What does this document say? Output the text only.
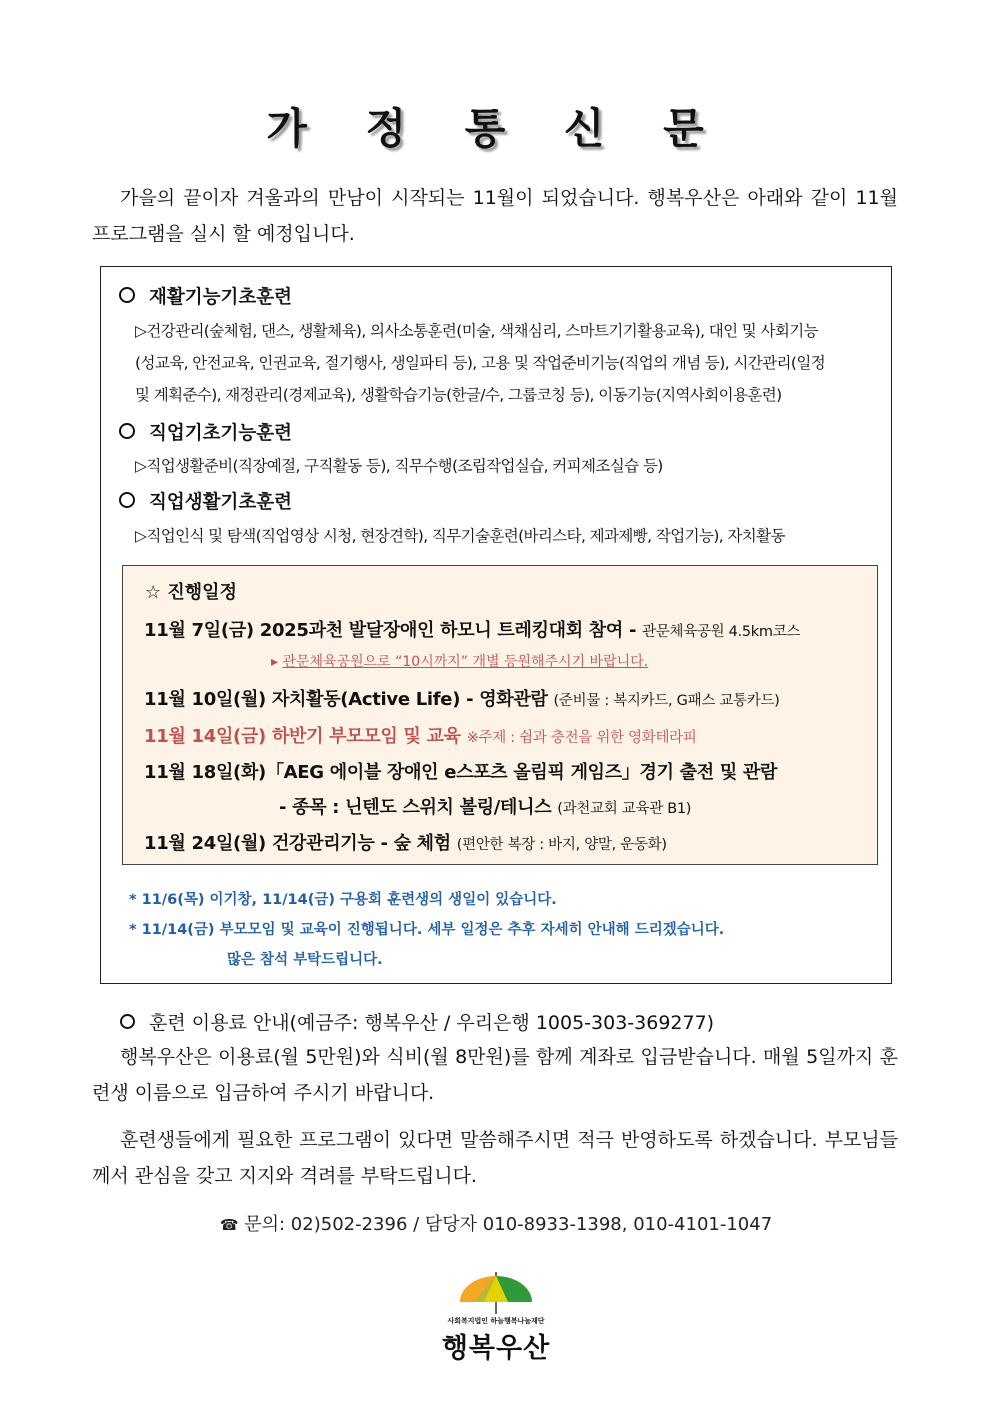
가 정 통 신 문
가을의 끝이자 겨울과의 만남이 시작되는 11월이 되었습니다. 행복우산은 아래와 같이 11월 프로그램을 실시 할 예정입니다.
재활기능기초훈련
▷건강관리(숲체험, 댄스, 생활체육), 의사소통훈련(미술, 색채심리, 스마트기기활용교육), 대인 및 사회기능
(성교육, 안전교육, 인권교육, 절기행사, 생일파티 등), 고용 및 작업준비기능(직업의 개념 등), 시간관리(일정
및 계획준수), 재정관리(경제교육), 생활학습기능(한글/수, 그룹코칭 등), 이동기능(지역사회이용훈련)
직업기초기능훈련
▷직업생활준비(직장예절, 구직활동 등), 직무수행(조립작업실습, 커피제조실습 등)
직업생활기초훈련
▷직업인식 및 탐색(직업영상 시청, 현장견학), 직무기술훈련(바리스타, 제과제빵, 작업기능), 자치활동
☆ 진행일정
11월 7일(금) 2025과천 발달장애인 하모니 트레킹대회 참여 - 관문체육공원 4.5km코스
▸ 관문체육공원으로 “10시까지” 개별 등원해주시기 바랍니다.
11월 10일(월) 자치활동(Active Life) - 영화관람 (준비물 : 복지카드, G패스 교통카드)
11월 14일(금) 하반기 부모모임 및 교육 ※주제 : 쉼과 충전을 위한 영화테라피
11월 18일(화)「AEG 에이블 장애인 e스포츠 올림픽 게임즈」경기 출전 및 관람
- 종목 : 닌텐도 스위치 볼링/테니스 (과천교회 교육관 B1)
11월 24일(월) 건강관리기능 - 숲 체험 (편안한 복장 : 바지, 양말, 운동화)
* 11/6(목) 이기창, 11/14(금) 구용회 훈련생의 생일이 있습니다.
* 11/14(금) 부모모임 및 교육이 진행됩니다. 세부 일정은 추후 자세히 안내해 드리겠습니다.
많은 참석 부탁드립니다.
훈련 이용료 안내(예금주: 행복우산 / 우리은행 1005-303-369277)
행복우산은 이용료(월 5만원)와 식비(월 8만원)를 함께 계좌로 입금받습니다. 매월 5일까지 훈련생 이름으로 입금하여 주시기 바랍니다.
훈련생들에게 필요한 프로그램이 있다면 말씀해주시면 적극 반영하도록 하겠습니다. 부모님들께서 관심을 갖고 지지와 격려를 부탁드립니다.
☎ 문의: 02)502-2396 / 담당자 010-8933-1398, 010-4101-1047
사회복지법인 하늘행복나눔재단
행복우산
